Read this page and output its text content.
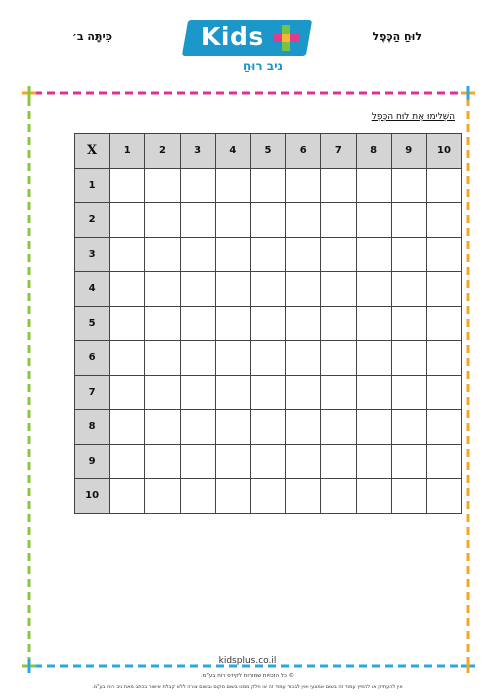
כִּיתָּה ב׳	לוּחַ הַכֶּפֶל
Kids
ניב רוּחַ
הַשְׁלִימוּ אֶת לוּחַ הַכֶּפֶל
X	1	2	3	4	5	6	7	8	9	10
1										
2										
3										
4										
5										
6										
7										
8										
9										
10										
kidsplus.co.il
© כל הזכויות שמורות לקידס רוח בע"מ.
אין להעתיק או להפיץ עמוד זה בשום אמצעי ואין לבכוד עמוד זה או חלק ממנו בשום מקום ובשום צורה ללא קבלת אישור בכתב מאת ניב רוח בע"מ.
